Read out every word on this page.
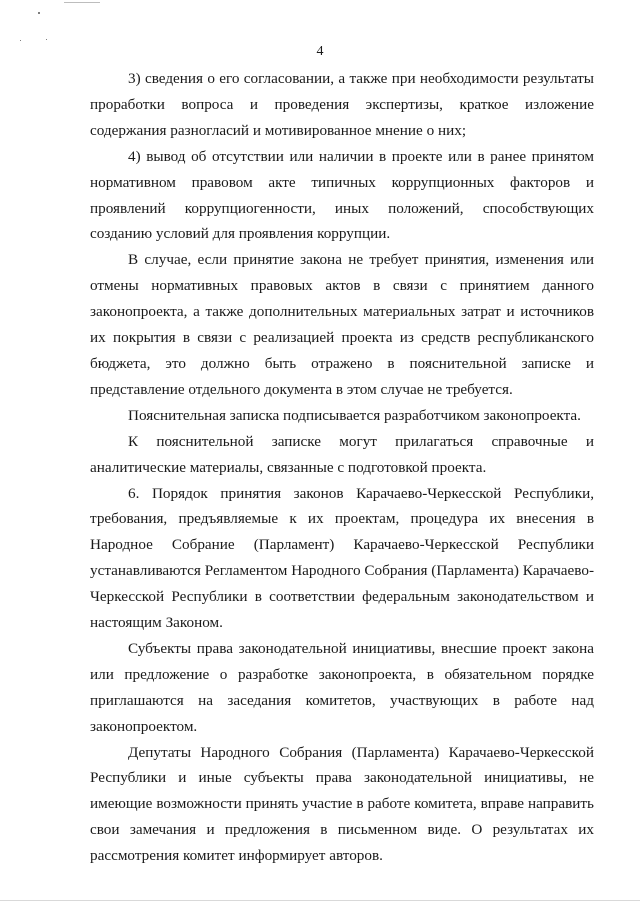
4

3) сведения о его согласовании, а также при необходимости результаты проработки вопроса и проведения экспертизы, краткое изложение содержания разногласий и мотивированное мнение о них;

4) вывод об отсутствии или наличии в проекте или в ранее принятом нормативном правовом акте типичных коррупционных факторов и проявлений коррупциогенности, иных положений, способствующих созданию условий для проявления коррупции.

В случае, если принятие закона не требует принятия, изменения или отмены нормативных правовых актов в связи с принятием данного законопроекта, а также дополнительных материальных затрат и источников их покрытия в связи с реализацией проекта из средств республиканского бюджета, это должно быть отражено в пояснительной записке и представление отдельного документа в этом случае не требуется.

Пояснительная записка подписывается разработчиком законопроекта.

К пояснительной записке могут прилагаться справочные и аналитические материалы, связанные с подготовкой проекта.

6. Порядок принятия законов Карачаево-Черкесской Республики, требования, предъявляемые к их проектам, процедура их внесения в Народное Собрание (Парламент) Карачаево-Черкесской Республики устанавливаются Регламентом Народного Собрания (Парламента) Карачаево-Черкесской Республики в соответствии федеральным законодательством и настоящим Законом.

Субъекты права законодательной инициативы, внесшие проект закона или предложение о разработке законопроекта, в обязательном порядке приглашаются на заседания комитетов, участвующих в работе над законопроектом.

Депутаты Народного Собрания (Парламента) Карачаево-Черкесской Республики и иные субъекты права законодательной инициативы, не имеющие возможности принять участие в работе комитета, вправе направить свои замечания и предложения в письменном виде. О результатах их рассмотрения комитет информирует авторов.
